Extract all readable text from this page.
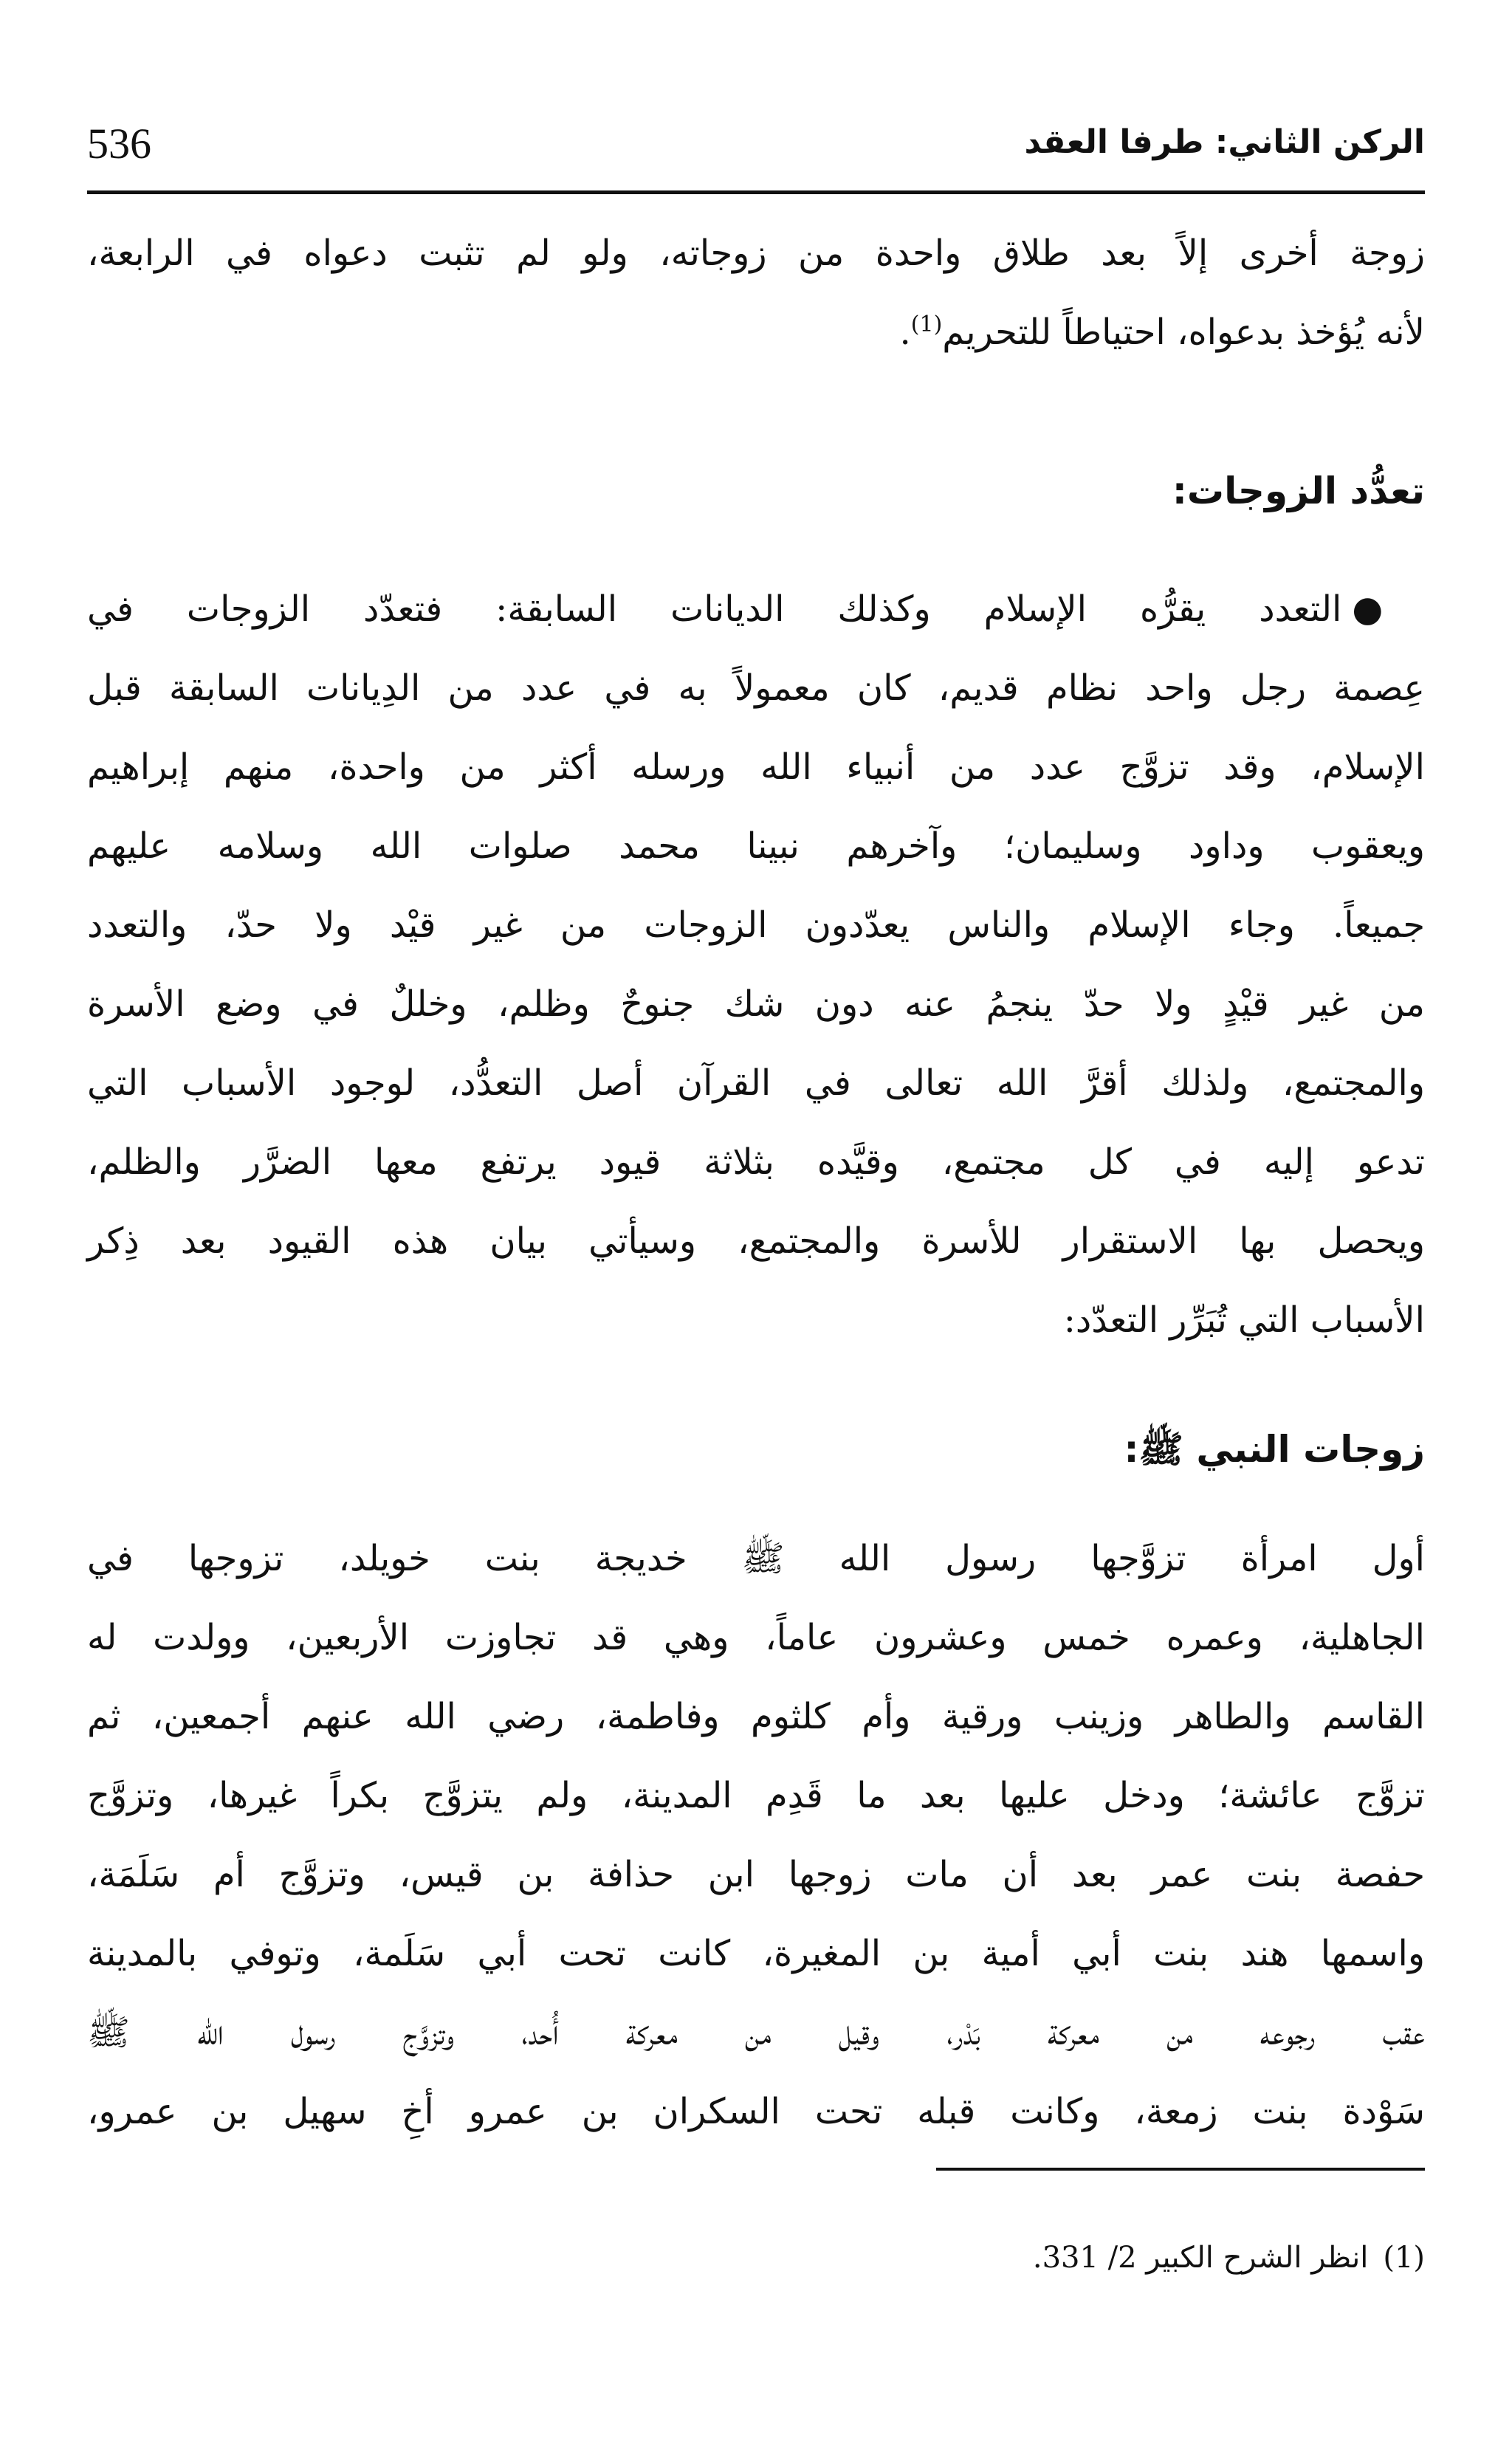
536	الركن الثاني: طرفا العقد
زوجة أخرى إلاً بعد طلاق واحدة من زوجاته، ولو لم تثبت دعواه في الرابعة،
لأنه يُؤخذ بدعواه، احتياطاً للتحريم$^{(1)}$.
تعدُّد الزوجات:
●التعدد يقرُّه الإسلام وكذلك الديانات السابقة: فتعدّد الزوجات في
عِصمة رجل واحد نظام قديم، كان معمولاً به في عدد من الدِيانات السابقة قبل
الإسلام، وقد تزوَّج عدد من أنبياء الله ورسله أكثر من واحدة، منهم إبراهيم
ويعقوب وداود وسليمان؛ وآخرهم نبينا محمد صلوات الله وسلامه عليهم
جميعاً. وجاء الإسلام والناس يعدّدون الزوجات من غير قيْد ولا حدّ، والتعدد
من غير قيْدٍ ولا حدّ ينجمُ عنه دون شك جنوحٌ وظلم، وخللٌ في وضع الأسرة
والمجتمع، ولذلك أقرَّ الله تعالى في القرآن أصل التعدُّد، لوجود الأسباب التي
تدعو إليه في كل مجتمع، وقيَّده بثلاثة قيود يرتفع معها الضرَّر والظلم،
ويحصل بها الاستقرار للأسرة والمجتمع، وسيأتي بيان هذه القيود بعد ذِكر
الأسباب التي تُبَرِّر التعدّد:
زوجات النبي ﷺ:
أول امرأة تزوَّجها رسول الله ﷺ خديجة بنت خويلد، تزوجها في
الجاهلية، وعمره خمس وعشرون عاماً، وهي قد تجاوزت الأربعين، وولدت له
القاسم والطاهر وزينب ورقية وأم كلثوم وفاطمة، رضي الله عنهم أجمعين، ثم
تزوَّج عائشة؛ ودخل عليها بعد ما قَدِم المدينة، ولم يتزوَّج بكراً غيرها، وتزوَّج
حفصة بنت عمر بعد أن مات زوجها ابن حذافة بن قيس، وتزوَّج أم سَلَمَة،
واسمها هند بنت أبي أمية بن المغيرة، كانت تحت أبي سَلَمة، وتوفي بالمدينة
عقب رجوعه من معركة بَدْر، وقيل من معركة أُحد، وتزوَّج رسول الله ﷺ
سَوْدة بنت زمعة، وكانت قبله تحت السكران بن عمرو أخِ سهيل بن عمرو،
(1)انظر الشرح الكبير 2/ 331.
